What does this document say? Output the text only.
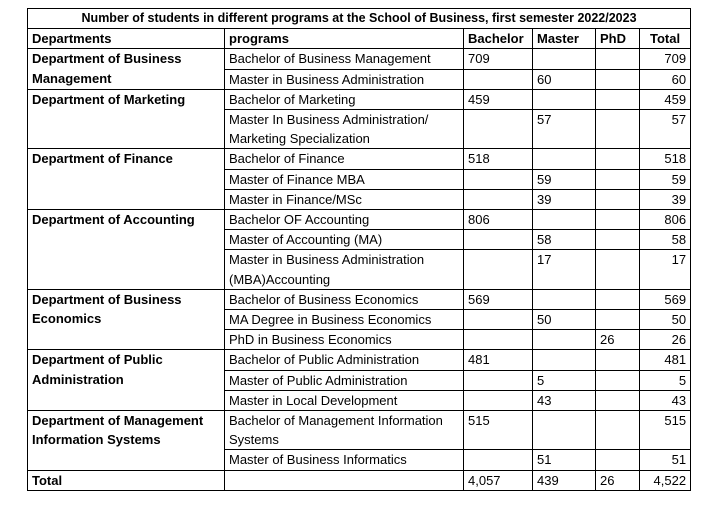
Number of students in different programs at the School of Business, first semester 2022/2023					
Departments	programs	Bachelor	Master	PhD	Total
Department of Business Management	Bachelor of Business Management	709			709
	Master in Business Administration		60		60
Department of Marketing	Bachelor of Marketing	459			459
	Master In Business Administration/ Marketing Specialization		57		57
Department of Finance	Bachelor of Finance	518			518
	Master of Finance MBA		59		59
	Master in Finance/MSc		39		39
Department of Accounting	Bachelor OF Accounting	806			806
	Master of Accounting (MA)		58		58
	Master in Business Administration (MBA)Accounting		17		17
Department of Business Economics	Bachelor of Business Economics	569			569
	MA Degree in Business Economics		50		50
	PhD in Business Economics			26	26
Department of Public Administration	Bachelor of Public Administration	481			481
	Master of Public Administration		5		5
	Master in Local Development		43		43
Department of Management Information Systems	Bachelor of Management Information Systems	515			515
	Master of Business Informatics		51		51
Total		4,057	439	26	4,522
